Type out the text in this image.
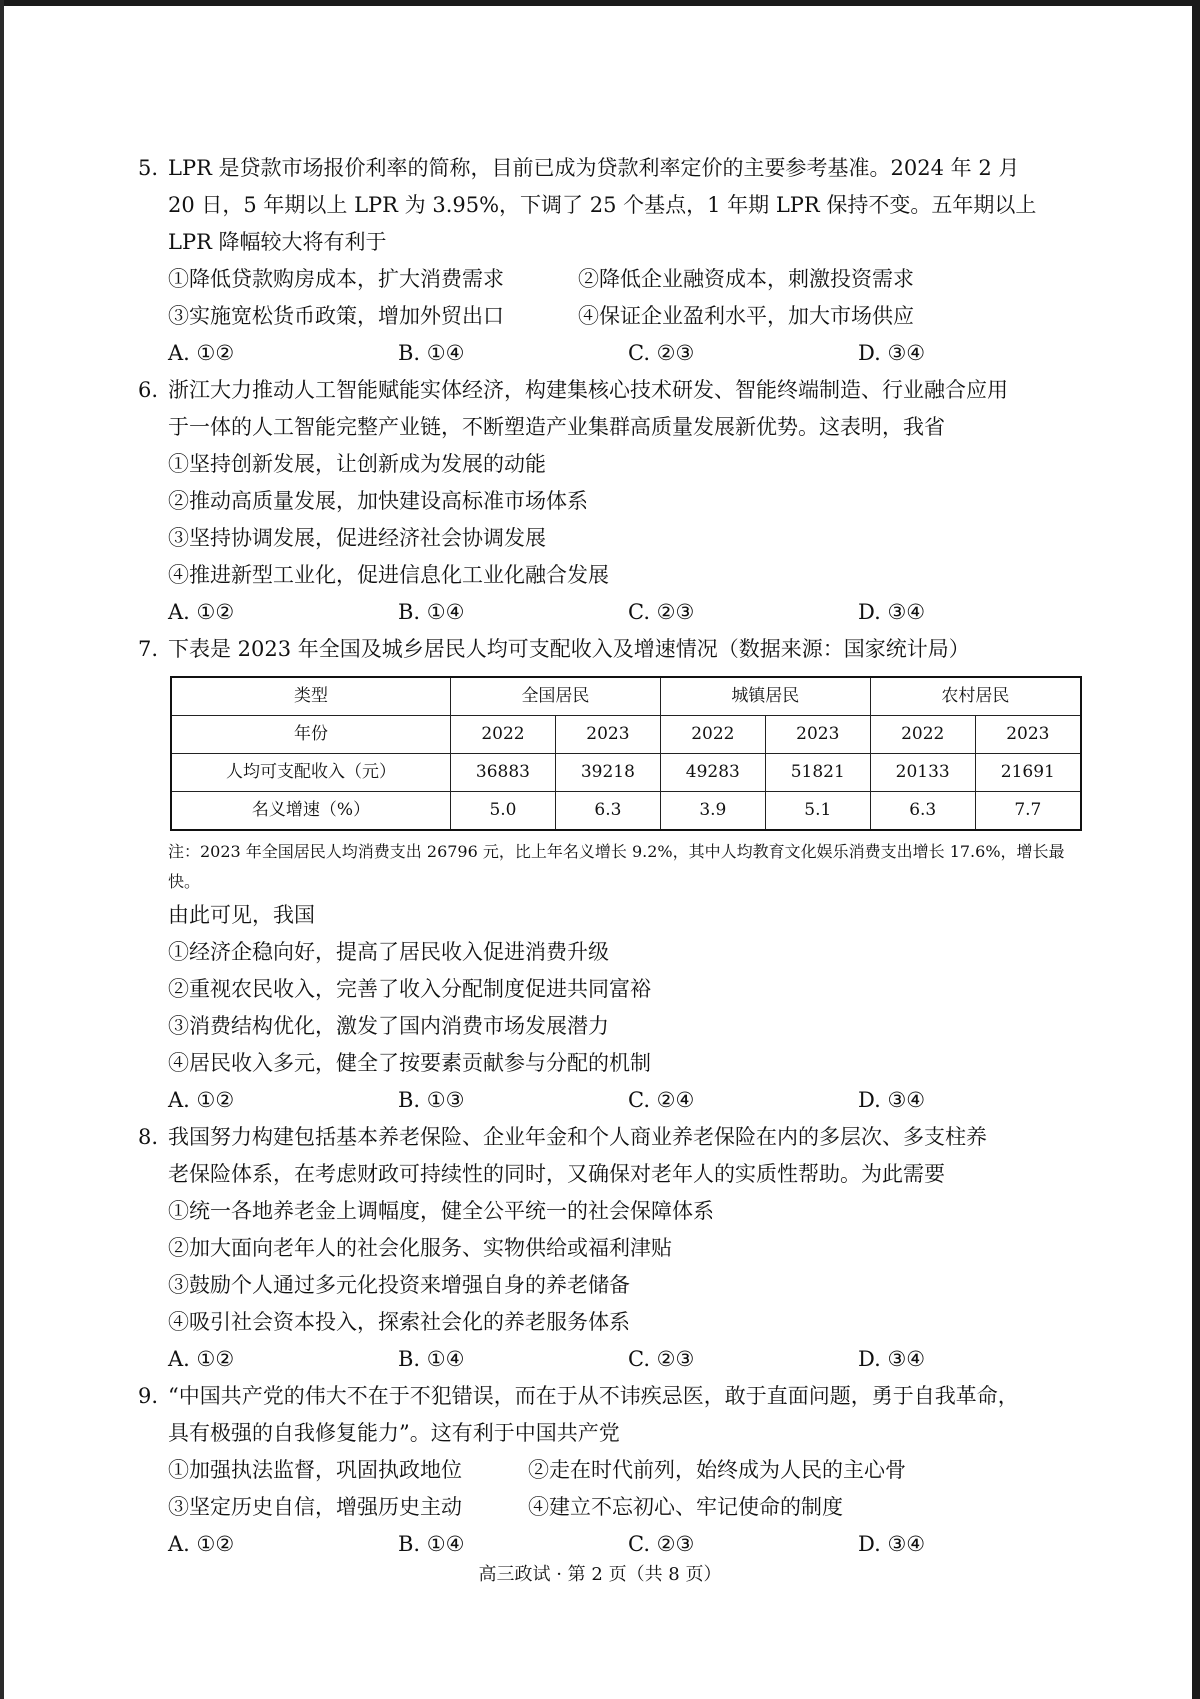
5. LPR 是贷款市场报价利率的简称，目前已成为贷款利率定价的主要参考基准。2024 年 2 月
20 日，5 年期以上 LPR 为 3.95%，下调了 25 个基点，1 年期 LPR 保持不变。五年期以上
LPR 降幅较大将有利于
①降低贷款购房成本，扩大消费需求	②降低企业融资成本，刺激投资需求
③实施宽松货币政策，增加外贸出口	④保证企业盈利水平，加大市场供应
A. ①②	B. ①④	C. ②③	D. ③④
6. 浙江大力推动人工智能赋能实体经济，构建集核心技术研发、智能终端制造、行业融合应用
于一体的人工智能完整产业链，不断塑造产业集群高质量发展新优势。这表明，我省
①坚持创新发展，让创新成为发展的动能
②推动高质量发展，加快建设高标准市场体系
③坚持协调发展，促进经济社会协调发展
④推进新型工业化，促进信息化工业化融合发展
A. ①②	B. ①④	C. ②③	D. ③④
7. 下表是 2023 年全国及城乡居民人均可支配收入及增速情况（数据来源：国家统计局）
类型	全国居民		城镇居民		农村居民	
年份	2022	2023	2022	2023	2022	2023
人均可支配收入（元）	36883	39218	49283	51821	20133	21691
名义增速（%）	5.0	6.3	3.9	5.1	6.3	7.7
注：2023 年全国居民人均消费支出 26796 元，比上年名义增长 9.2%，其中人均教育文化娱乐消费支出增长 17.6%，增长最快。
由此可见，我国
①经济企稳向好，提高了居民收入促进消费升级
②重视农民收入，完善了收入分配制度促进共同富裕
③消费结构优化，激发了国内消费市场发展潜力
④居民收入多元，健全了按要素贡献参与分配的机制
A. ①②	B. ①③	C. ②④	D. ③④
8. 我国努力构建包括基本养老保险、企业年金和个人商业养老保险在内的多层次、多支柱养
老保险体系，在考虑财政可持续性的同时，又确保对老年人的实质性帮助。为此需要
①统一各地养老金上调幅度，健全公平统一的社会保障体系
②加大面向老年人的社会化服务、实物供给或福利津贴
③鼓励个人通过多元化投资来增强自身的养老储备
④吸引社会资本投入，探索社会化的养老服务体系
A. ①②	B. ①④	C. ②③	D. ③④
9. “中国共产党的伟大不在于不犯错误，而在于从不讳疾忌医，敢于直面问题，勇于自我革命，
具有极强的自我修复能力”。这有利于中国共产党
①加强执法监督，巩固执政地位	②走在时代前列，始终成为人民的主心骨
③坚定历史自信，增强历史主动	④建立不忘初心、牢记使命的制度
A. ①②	B. ①④	C. ②③	D. ③④
高三政试 · 第 2 页（共 8 页）
